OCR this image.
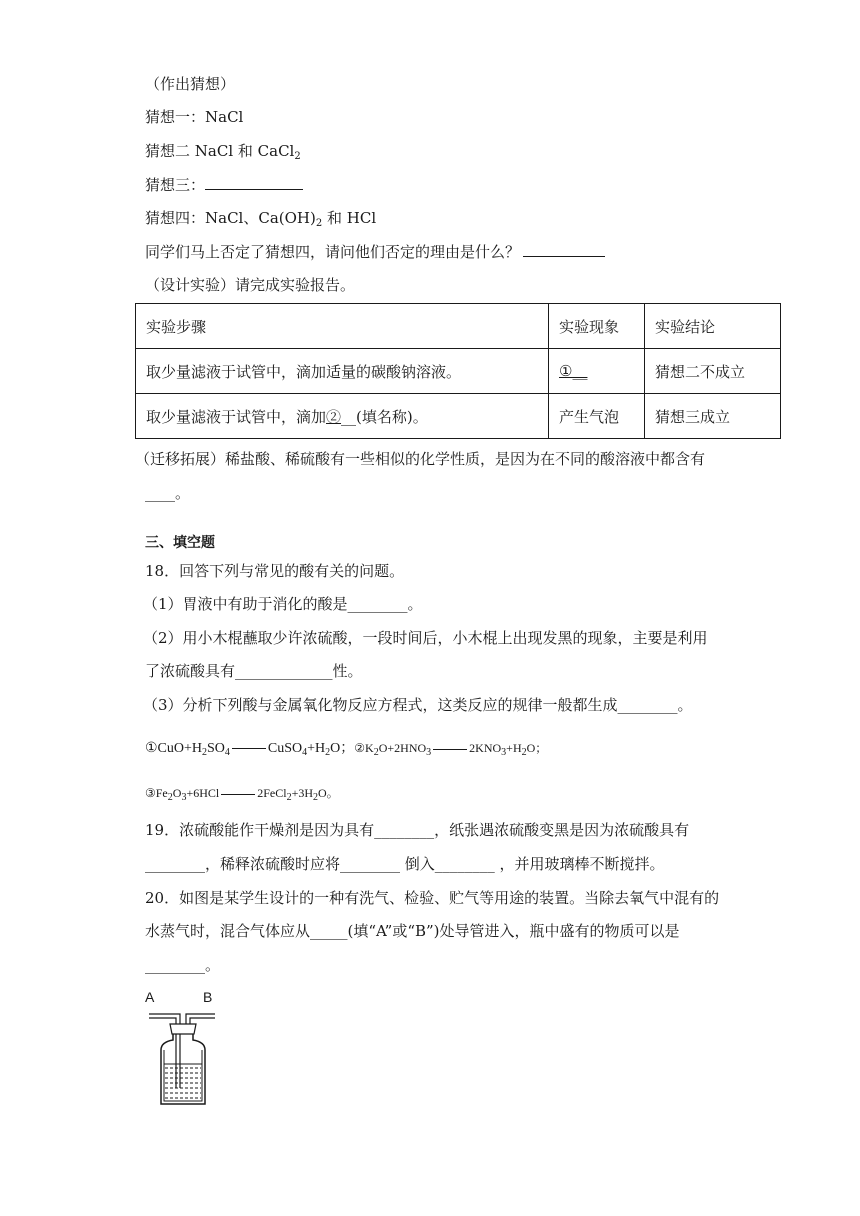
（作出猜想）
猜想一：NaCl
猜想二 NaCl 和 CaCl$_2$
猜想三：
猜想四：NaCl、$Ca(OH)_2$ 和 HCl
同学们马上否定了猜想四，请问他们否定的理由是什么？
（设计实验）请完成实验报告。
实验步骤	实验现象	实验结论
取少量滤液于试管中，滴加适量的碳酸钠溶液。	①__	猜想二不成立
取少量滤液于试管中，滴加②__(填名称)。	产生气泡	猜想三成立
（迁移拓展）稀盐酸、稀硫酸有一些相似的化学性质，是因为在不同的酸溶液中都含有
____。
三、填空题
18．回答下列与常见的酸有关的问题。
（1）胃液中有助于消化的酸是________。
（2）用小木棍蘸取少许浓硫酸，一段时间后，小木棍上出现发黑的现象，主要是利用
了浓硫酸具有_____________性。
（3）分析下列酸与金属氧化物反应方程式，这类反应的规律一般都生成________。
$①CuO+H_2SO_4$	$CuSO_4+H_2O$；$②K_2O+2HNO_3$	$2KNO_3+H_2O$；
$③Fe_2O_3+6HCl$	$2FeCl_2+3H_2O$。
19．浓硫酸能作干燥剂是因为具有________，纸张遇浓硫酸变黑是因为浓硫酸具有
________，稀释浓硫酸时应将________ 倒入________ ，并用玻璃棒不断搅拌。
20．如图是某学生设计的一种有洗气、检验、贮气等用途的装置。当除去氧气中混有的
水蒸气时，混合气体应从_____(填“A”或“B”)处导管进入，瓶中盛有的物质可以是
________。
A	B
